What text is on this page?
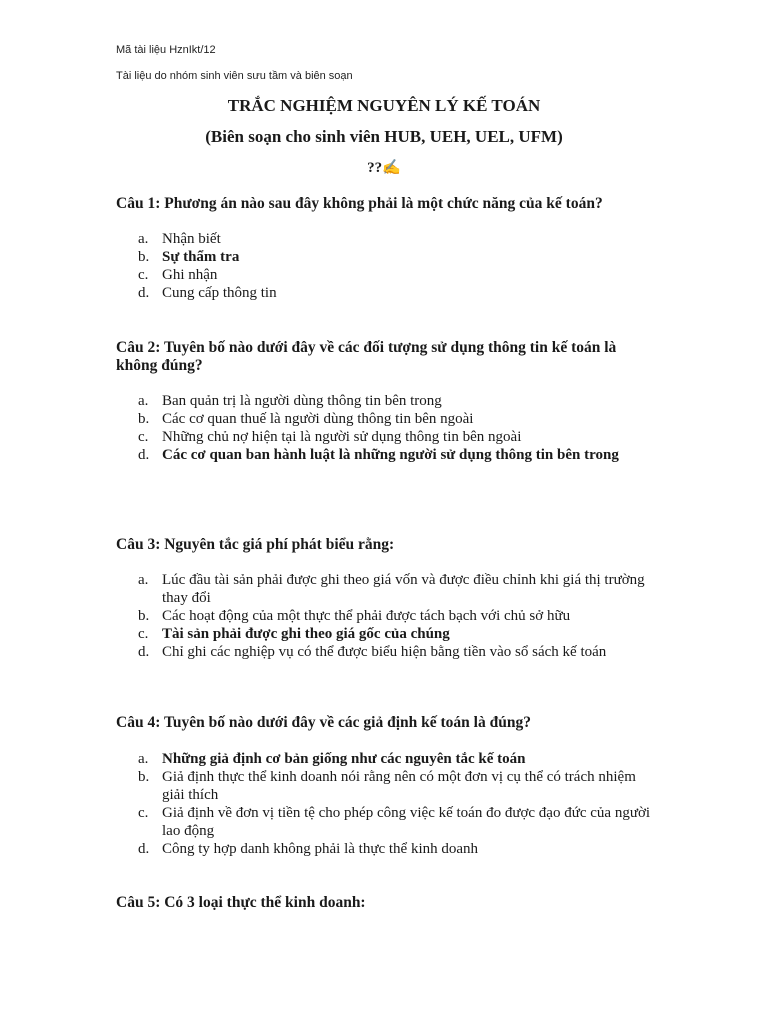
Mã tài liệu HznIkt/12
Tài liệu do nhóm sinh viên sưu tầm và biên soạn
TRẮC NGHIỆM NGUYÊN LÝ KẾ TOÁN
(Biên soạn cho sinh viên HUB, UEH, UEL, UFM)
??✍
Câu 1: Phương án nào sau đây không phải là một chức năng của kế toán?
a. Nhận biết
b. Sự thẩm tra
c. Ghi nhận
d. Cung cấp thông tin
Câu 2: Tuyên bố nào dưới đây về các đối tượng sử dụng thông tin kế toán là không đúng?
a. Ban quản trị là người dùng thông tin bên trong
b. Các cơ quan thuế là người dùng thông tin bên ngoài
c. Những chủ nợ hiện tại là người sử dụng thông tin bên ngoài
d. Các cơ quan ban hành luật là những người sử dụng thông tin bên trong
Câu 3: Nguyên tắc giá phí phát biểu rằng:
a. Lúc đầu tài sản phải được ghi theo giá vốn và được điều chỉnh khi giá thị trường thay đổi
b. Các hoạt động của một thực thể phải được tách bạch với chủ sở hữu
c. Tài sản phải được ghi theo giá gốc của chúng
d. Chỉ ghi các nghiệp vụ có thể được biểu hiện bằng tiền vào sổ sách kế toán
Câu 4: Tuyên bố nào dưới đây về các giả định kế toán là đúng?
a. Những giả định cơ bản giống như các nguyên tắc kế toán
b. Giả định thực thể kinh doanh nói rằng nên có một đơn vị cụ thể có trách nhiệm giải thích
c. Giả định về đơn vị tiền tệ cho phép công việc kế toán đo được đạo đức của người lao động
d. Công ty hợp danh không phải là thực thể kinh doanh
Câu 5: Có 3 loại thực thể kinh doanh:
